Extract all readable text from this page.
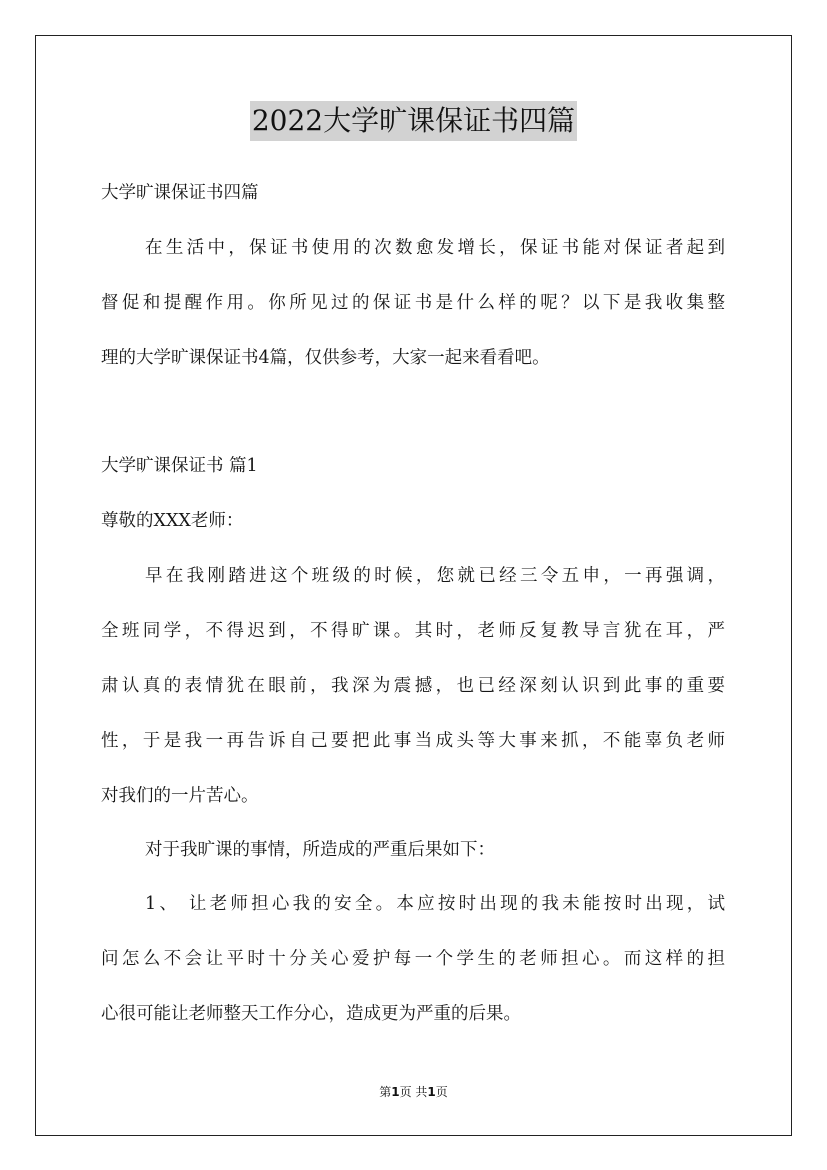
2022大学旷课保证书四篇
大学旷课保证书四篇
在生活中，保证书使用的次数愈发增长，保证书能对保证者起到
督促和提醒作用。你所见过的保证书是什么样的呢？以下是我收集整
理的大学旷课保证书4篇，仅供参考，大家一起来看看吧。
大学旷课保证书 篇1
尊敬的XXX老师：
早在我刚踏进这个班级的时候，您就已经三令五申，一再强调，
全班同学，不得迟到，不得旷课。其时，老师反复教导言犹在耳，严
肃认真的表情犹在眼前，我深为震撼，也已经深刻认识到此事的重要
性，于是我一再告诉自己要把此事当成头等大事来抓，不能辜负老师
对我们的一片苦心。
对于我旷课的事情，所造成的严重后果如下：
1、 让老师担心我的安全。本应按时出现的我未能按时出现，试
问怎么不会让平时十分关心爱护每一个学生的老师担心。而这样的担
心很可能让老师整天工作分心，造成更为严重的后果。
第1页 共1页
